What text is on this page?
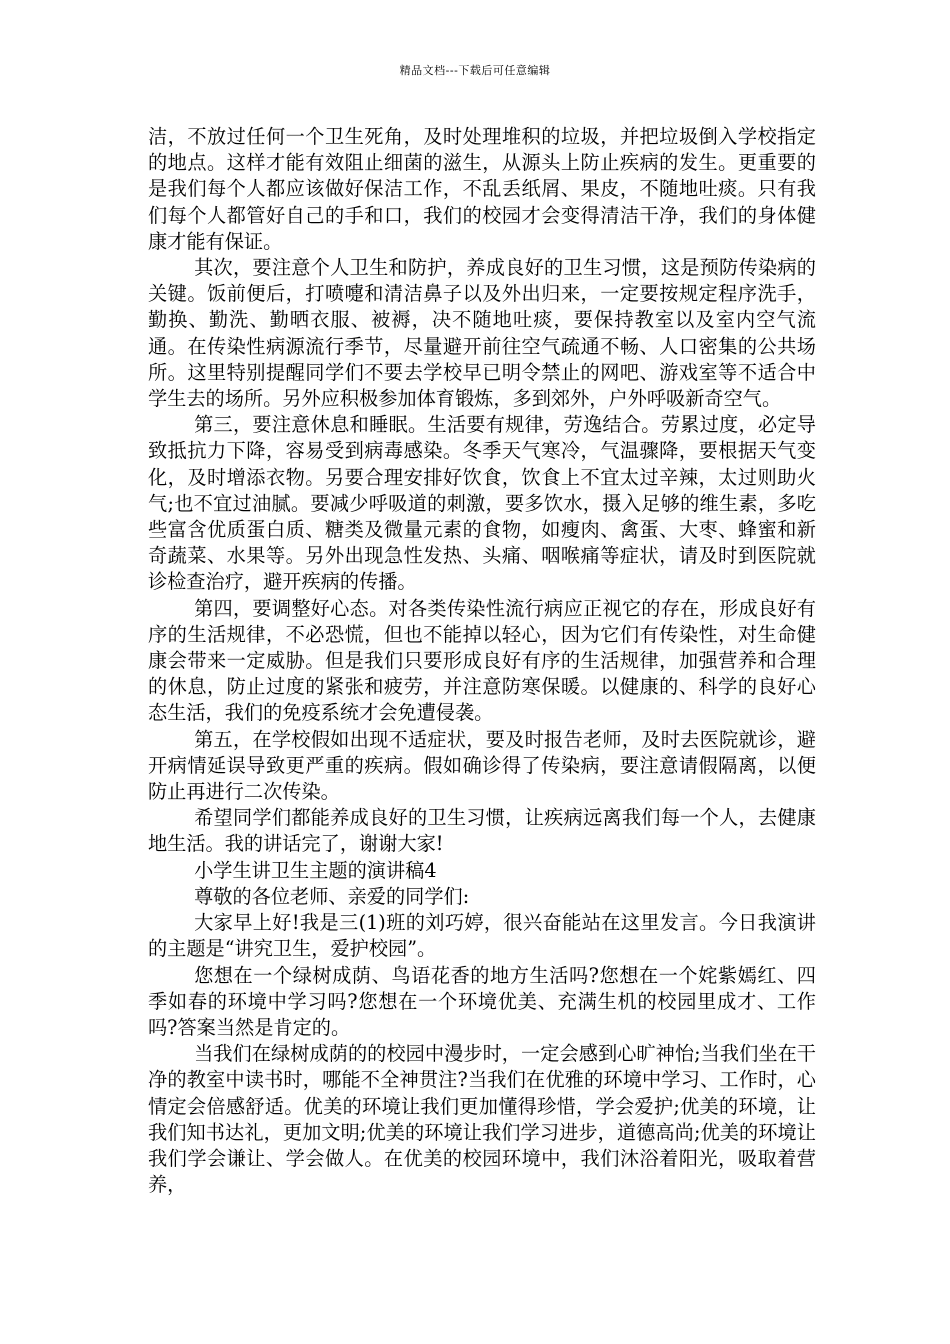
精品文档---下载后可任意编辑

洁，不放过任何一个卫生死角，及时处理堆积的垃圾，并把垃圾倒入学校指定的地点。这样才能有效阻止细菌的滋生，从源头上防止疾病的发生。更重要的是我们每个人都应该做好保洁工作，不乱丢纸屑、果皮，不随地吐痰。只有我们每个人都管好自己的手和口，我们的校园才会变得清洁干净，我们的身体健康才能有保证。

其次，要注意个人卫生和防护，养成良好的卫生习惯，这是预防传染病的关键。饭前便后，打喷嚏和清洁鼻子以及外出归来，一定要按规定程序洗手，勤换、勤洗、勤晒衣服、被褥，决不随地吐痰，要保持教室以及室内空气流通。在传染性病源流行季节，尽量避开前往空气疏通不畅、人口密集的公共场所。这里特别提醒同学们不要去学校早已明令禁止的网吧、游戏室等不适合中学生去的场所。另外应积极参加体育锻炼，多到郊外，户外呼吸新奇空气。

第三，要注意休息和睡眠。生活要有规律，劳逸结合。劳累过度，必定导致抵抗力下降，容易受到病毒感染。冬季天气寒冷，气温骤降，要根据天气变化，及时增添衣物。另要合理安排好饮食，饮食上不宜太过辛辣，太过则助火气;也不宜过油腻。要减少呼吸道的刺激，要多饮水，摄入足够的维生素，多吃些富含优质蛋白质、糖类及微量元素的食物，如瘦肉、禽蛋、大枣、蜂蜜和新奇蔬菜、水果等。另外出现急性发热、头痛、咽喉痛等症状，请及时到医院就诊检查治疗，避开疾病的传播。

第四，要调整好心态。对各类传染性流行病应正视它的存在，形成良好有序的生活规律，不必恐慌，但也不能掉以轻心，因为它们有传染性，对生命健康会带来一定威胁。但是我们只要形成良好有序的生活规律，加强营养和合理的休息，防止过度的紧张和疲劳，并注意防寒保暖。以健康的、科学的良好心态生活，我们的免疫系统才会免遭侵袭。

第五，在学校假如出现不适症状，要及时报告老师，及时去医院就诊，避开病情延误导致更严重的疾病。假如确诊得了传染病，要注意请假隔离，以便防止再进行二次传染。

希望同学们都能养成良好的卫生习惯，让疾病远离我们每一个人，去健康地生活。我的讲话完了，谢谢大家!

小学生讲卫生主题的演讲稿4

尊敬的各位老师、亲爱的同学们:

大家早上好!我是三(1)班的刘巧婷，很兴奋能站在这里发言。今日我演讲的主题是“讲究卫生，爱护校园”。

您想在一个绿树成荫、鸟语花香的地方生活吗?您想在一个姹紫嫣红、四季如春的环境中学习吗?您想在一个环境优美、充满生机的校园里成才、工作吗?答案当然是肯定的。

当我们在绿树成荫的的校园中漫步时，一定会感到心旷神怡;当我们坐在干净的教室中读书时，哪能不全神贯注?当我们在优雅的环境中学习、工作时，心情定会倍感舒适。优美的环境让我们更加懂得珍惜，学会爱护;优美的环境，让我们知书达礼，更加文明;优美的环境让我们学习进步，道德高尚;优美的环境让我们学会谦让、学会做人。在优美的校园环境中，我们沐浴着阳光，吸取着营养，
